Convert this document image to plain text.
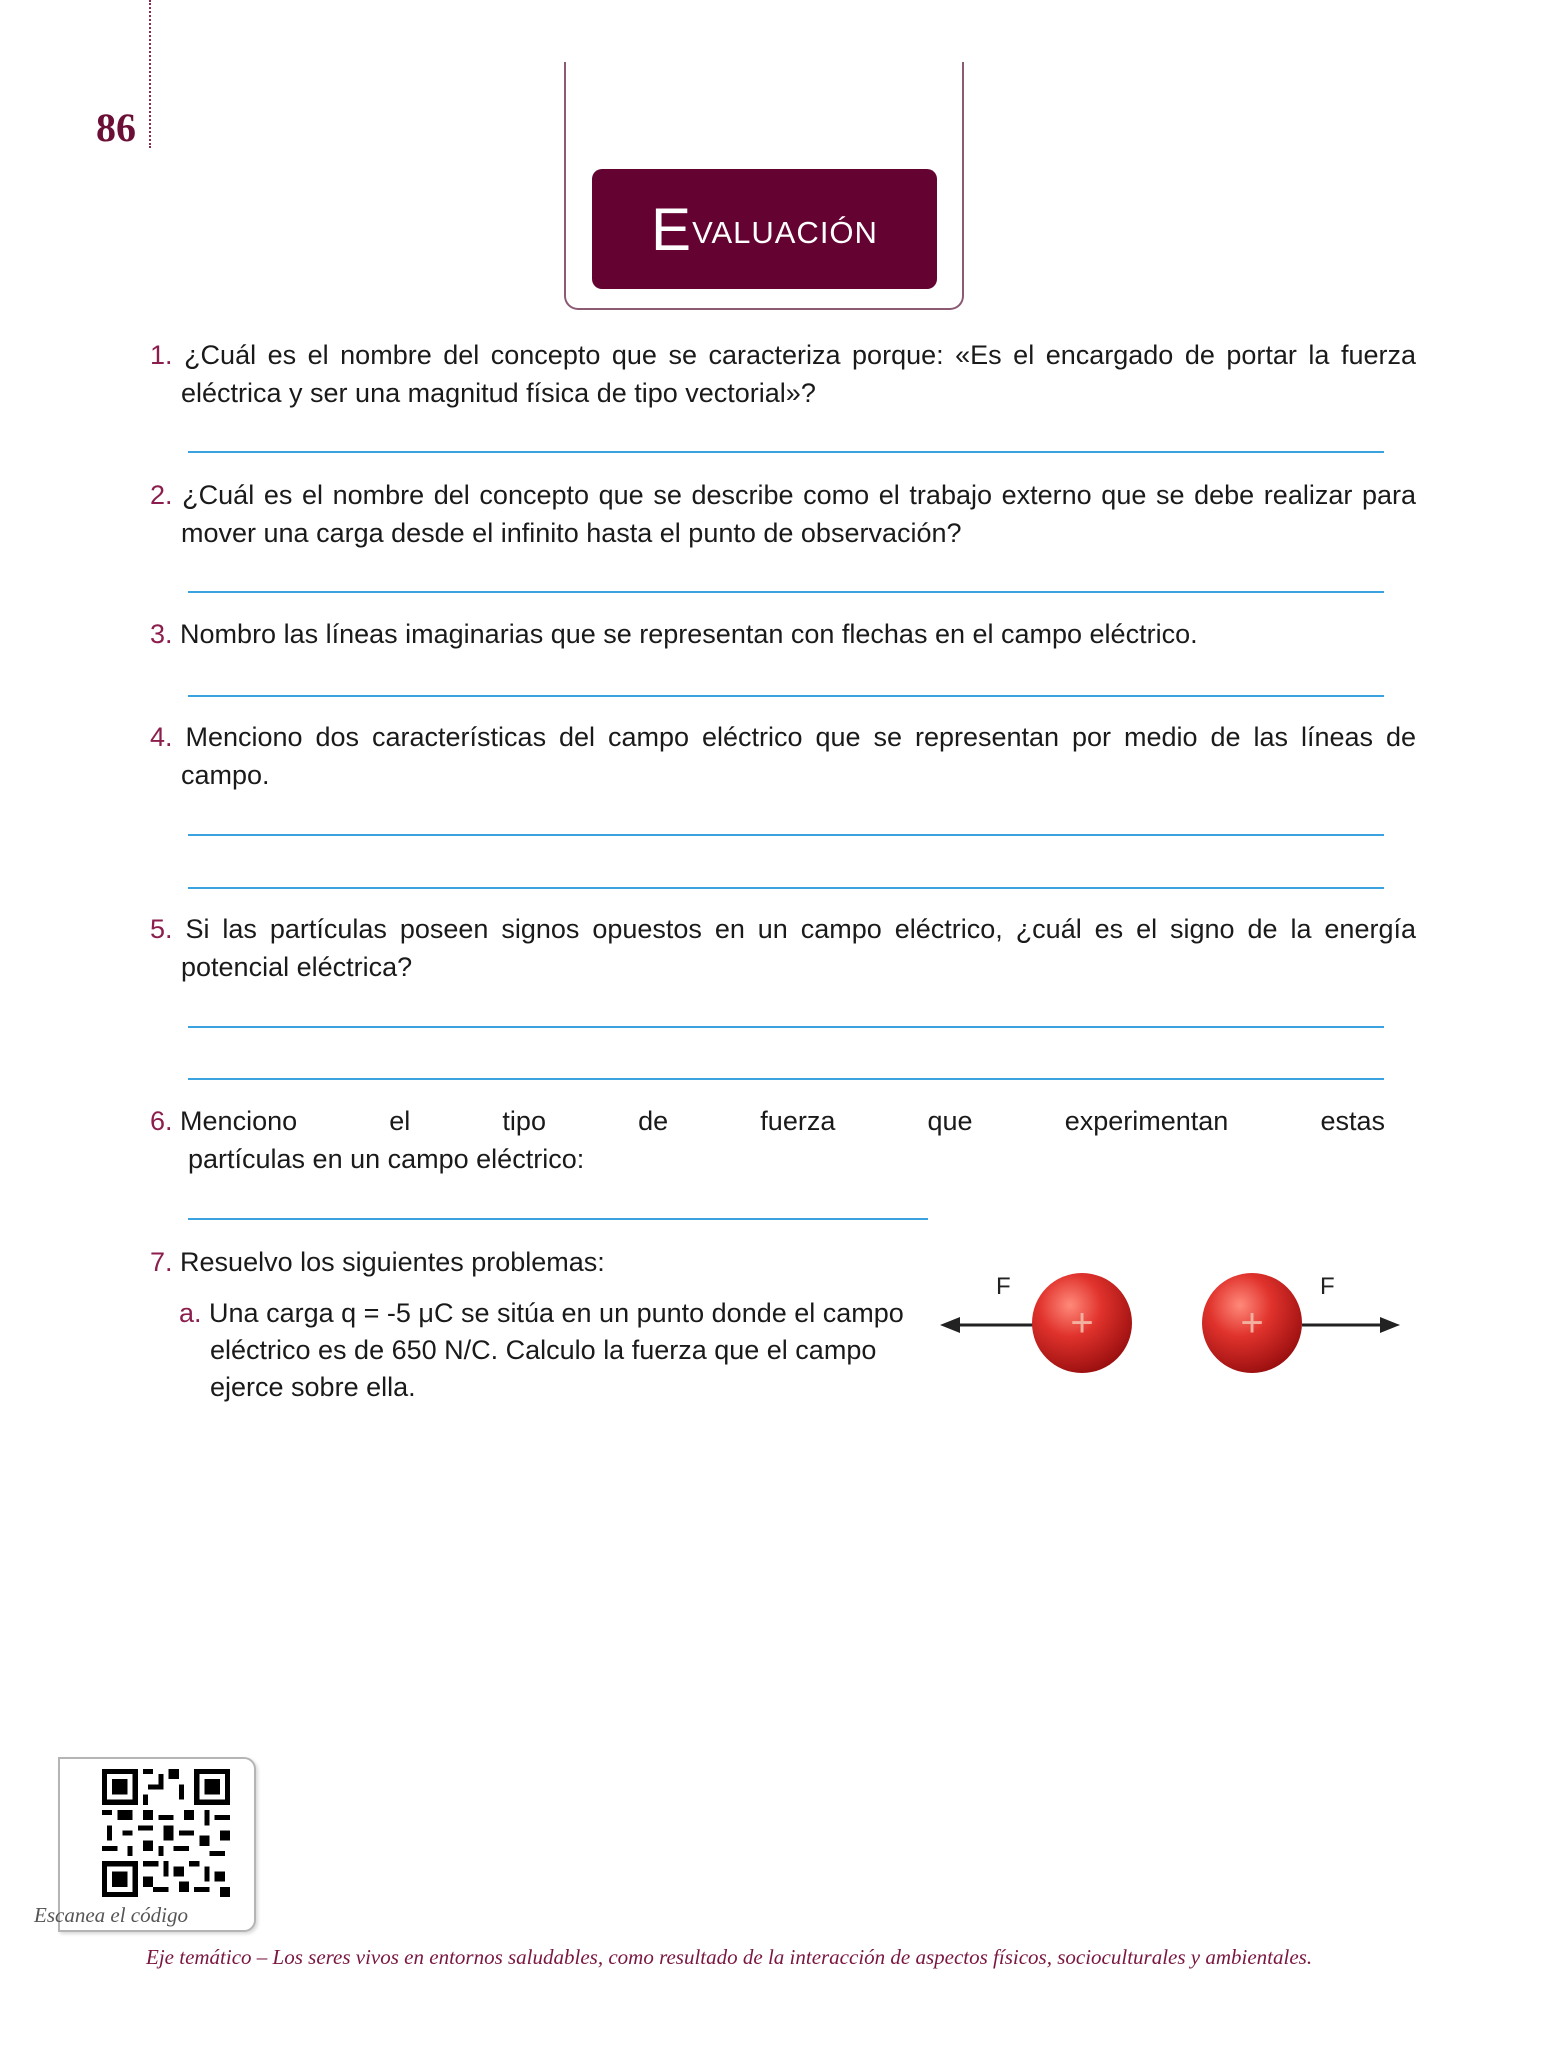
86
E valuación
1. ¿Cuál es el nombre del concepto que se caracteriza porque: «Es el encargado de portar la fuerza eléctrica y ser una magnitud física de tipo vectorial»?
2. ¿Cuál es el nombre del concepto que se describe como el trabajo externo que se debe realizar para mover una carga desde el infinito hasta el punto de observación?
3. Nombro las líneas imaginarias que se representan con flechas en el campo eléctrico.
4. Menciono dos características del campo eléctrico que se representan por medio de las líneas de campo.
5. Si las partículas poseen signos opuestos en un campo eléctrico, ¿cuál es el signo de la energía potencial eléctrica?
6. Menciono	el	tipo	de	fuerza	que	experimentan	estas
partículas en un campo eléctrico:
7. Resuelvo los siguientes problemas:
a. Una carga q = -5 μC se sitúa en un punto donde el campo eléctrico es de 650 N/C. Calculo la fuerza que el campo ejerce sobre ella.
F
+	+
F
Escanea el código
Eje temático – Los seres vivos en entornos saludables, como resultado de la interacción de aspectos físicos, socioculturales y ambientales.
